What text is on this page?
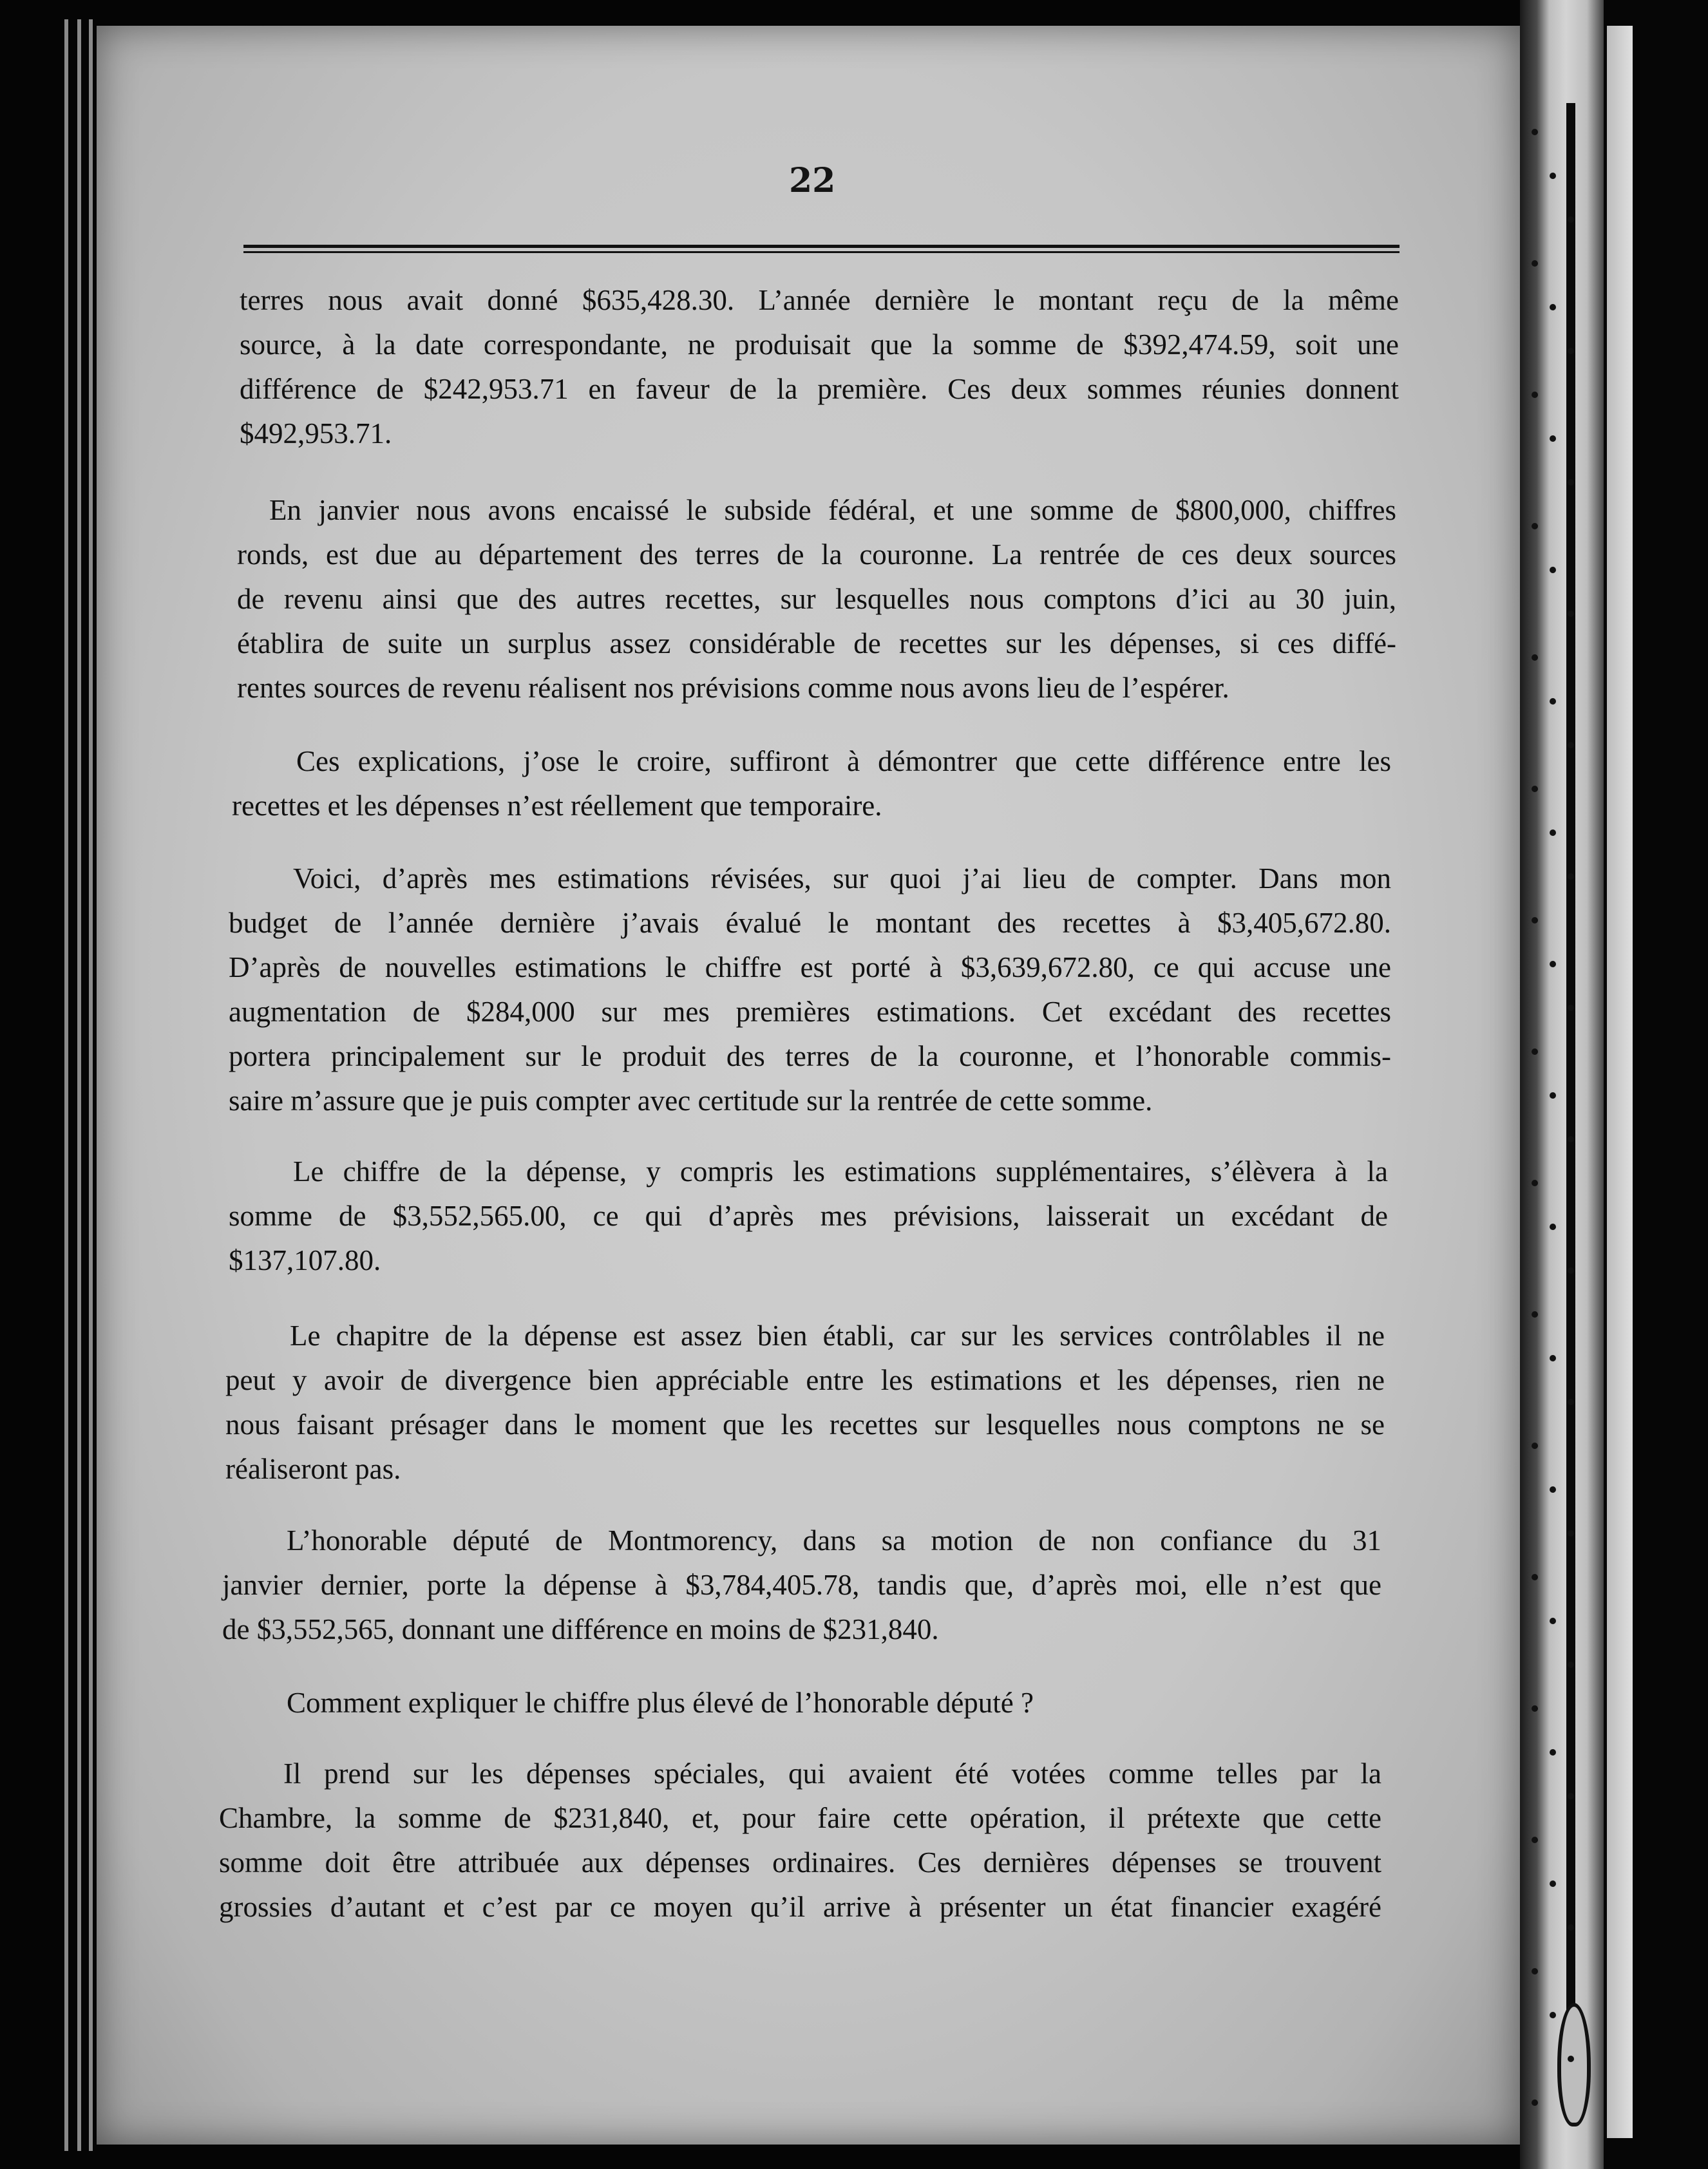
22
terres nous avait donné $635,428.30. L’année dernière le montant reçu de la même
source, à la date correspondante, ne produisait que la somme de $392,474.59, soit une
différence de $242,953.71 en faveur de la première. Ces deux sommes réunies donnent
$492,953.71.
En janvier nous avons encaissé le subside fédéral, et une somme de $800,000, chiffres
ronds, est due au département des terres de la couronne. La rentrée de ces deux sources
de revenu ainsi que des autres recettes, sur lesquelles nous comptons d’ici au 30 juin,
établira de suite un surplus assez considérable de recettes sur les dépenses, si ces diffé-
rentes sources de revenu réalisent nos prévisions comme nous avons lieu de l’espérer.
Ces explications, j’ose le croire, suffiront à démontrer que cette différence entre les
recettes et les dépenses n’est réellement que temporaire.
Voici, d’après mes estimations révisées, sur quoi j’ai lieu de compter. Dans mon
budget de l’année dernière j’avais évalué le montant des recettes à $3,405,672.80.
D’après de nouvelles estimations le chiffre est porté à $3,639,672.80, ce qui accuse une
augmentation de $284,000 sur mes premières estimations. Cet excédant des recettes
portera principalement sur le produit des terres de la couronne, et l’honorable commis-
saire m’assure que je puis compter avec certitude sur la rentrée de cette somme.
Le chiffre de la dépense, y compris les estimations supplémentaires, s’élèvera à la
somme de $3,552,565.00, ce qui d’après mes prévisions, laisserait un excédant de
$137,107.80.
Le chapitre de la dépense est assez bien établi, car sur les services contrôlables il ne
peut y avoir de divergence bien appréciable entre les estimations et les dépenses, rien ne
nous faisant présager dans le moment que les recettes sur lesquelles nous comptons ne se
réaliseront pas.
L’honorable député de Montmorency, dans sa motion de non confiance du 31
janvier dernier, porte la dépense à $3,784,405.78, tandis que, d’après moi, elle n’est que
de $3,552,565, donnant une différence en moins de $231,840.
Comment expliquer le chiffre plus élevé de l’honorable député ?
Il prend sur les dépenses spéciales, qui avaient été votées comme telles par la
Chambre, la somme de $231,840, et, pour faire cette opération, il prétexte que cette
somme doit être attribuée aux dépenses ordinaires. Ces dernières dépenses se trouvent
grossies d’autant et c’est par ce moyen qu’il arrive à présenter un état financier exagéré
